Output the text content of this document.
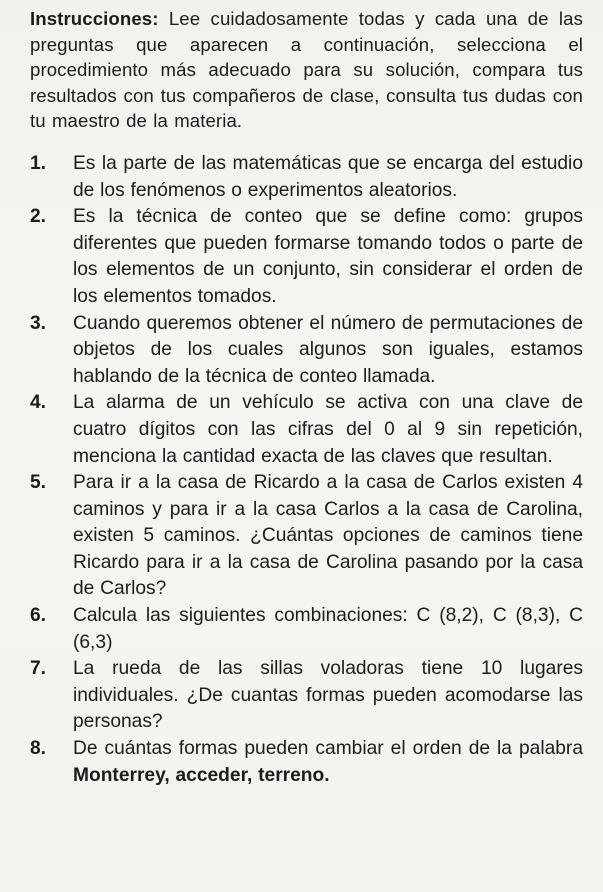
Instrucciones: Lee cuidadosamente todas y cada una de las preguntas que aparecen a continuación, selecciona el procedimiento más adecuado para su solución, compara tus resultados con tus compañeros de clase, consulta tus dudas con tu maestro de la materia.

1. Es la parte de las matemáticas que se encarga del estudio de los fenómenos o experimentos aleatorios.
2. Es la técnica de conteo que se define como: grupos diferentes que pueden formarse tomando todos o parte de los elementos de un conjunto, sin considerar el orden de los elementos tomados.
3. Cuando queremos obtener el número de permutaciones de objetos de los cuales algunos son iguales, estamos hablando de la técnica de conteo llamada.
4. La alarma de un vehículo se activa con una clave de cuatro dígitos con las cifras del 0 al 9 sin repetición, menciona la cantidad exacta de las claves que resultan.
5. Para ir a la casa de Ricardo a la casa de Carlos existen 4 caminos y para ir a la casa Carlos a la casa de Carolina, existen 5 caminos. ¿Cuántas opciones de caminos tiene Ricardo para ir a la casa de Carolina pasando por la casa de Carlos?
6. Calcula las siguientes combinaciones: C (8,2), C (8,3), C (6,3)
7. La rueda de las sillas voladoras tiene 10 lugares individuales. ¿De cuantas formas pueden acomodarse las personas?
8. De cuántas formas pueden cambiar el orden de la palabra Monterrey, acceder, terreno.
